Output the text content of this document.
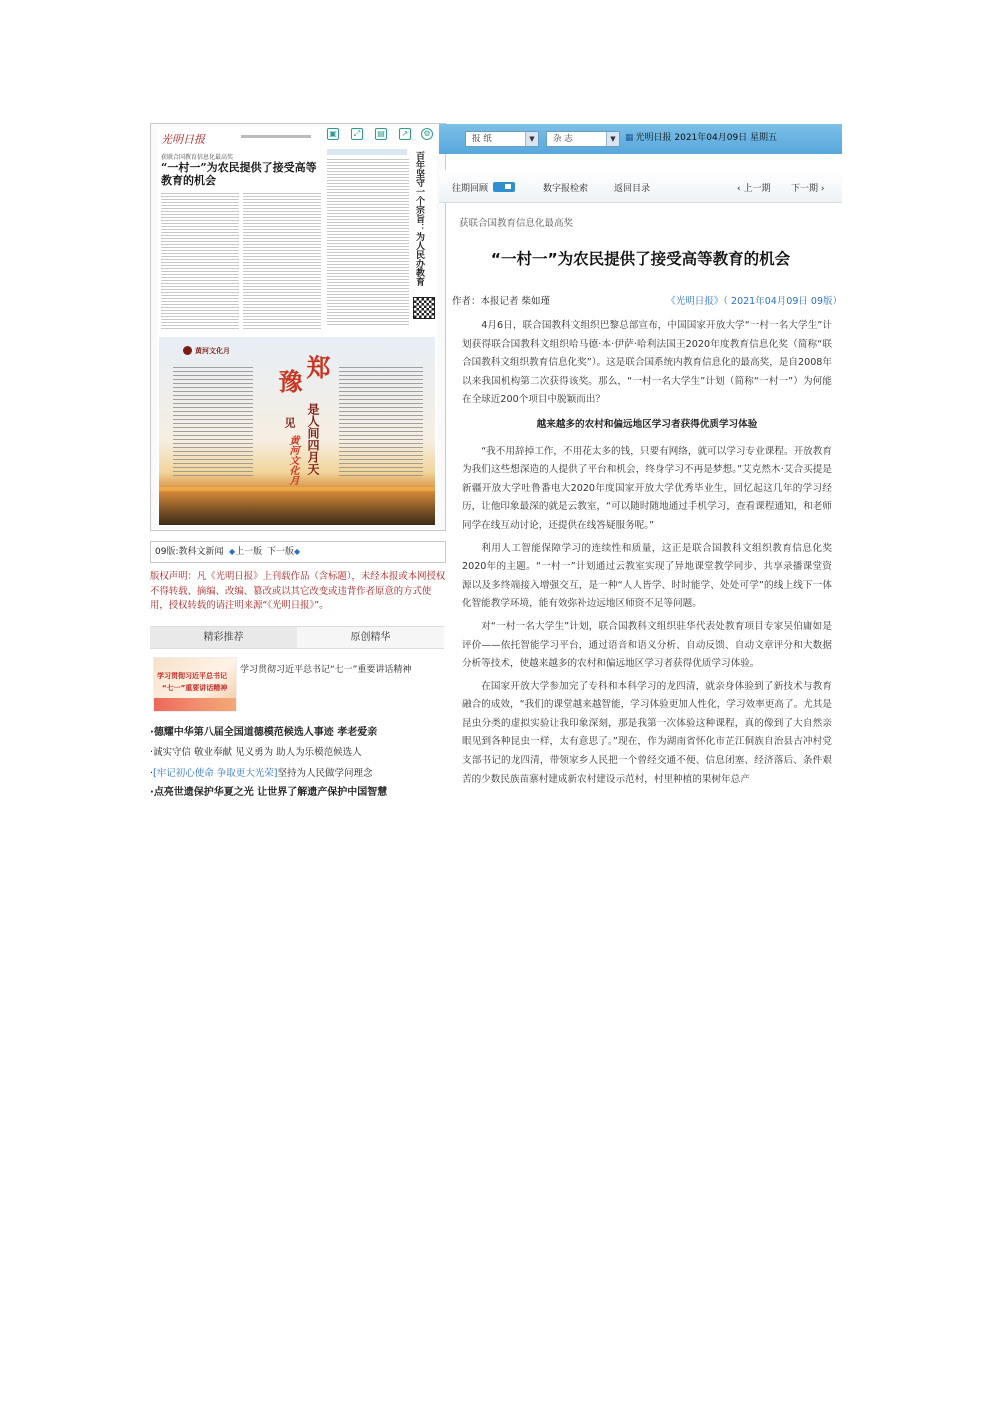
光明日报
获联合国教育信息化最高奖
“一村一”为农民提供了接受高等教育的机会	百年坚守一个宗旨：为人民办教育
黄河文化月
豫
郑
是人间四月天
见
黄河文化月
▣	⤢	▤	↗	⚙
09版:教科文新闻 ◆上一版 下一版◆
版权声明：凡《光明日报》上刊载作品（含标题），未经本报或本网授权不得转载、摘编、改编、篡改或以其它改变或违背作者原意的方式使用，授权转载的请注明来源“《光明日报》”。
精彩推荐	原创精华
学习贯彻习近平总书记
“七一”重要讲话精神
学习贯彻习近平总书记“七一”重要讲话精神
·德耀中华第八届全国道德模范候选人事迹 孝老爱亲
·诚实守信 敬业奉献 见义勇为 助人为乐模范候选人
·[牢记初心使命 争取更大光荣]坚持为人民做学问理念
·点亮世遗保护华夏之光 让世界了解遗产保护中国智慧
报 纸	▼	杂 志	▼	▦ 光明日报 2021年04月09日 星期五
往期回顾	数字报检索	返回目录	‹ 上一期 下一期 ›
获联合国教育信息化最高奖
“一村一”为农民提供了接受高等教育的机会
作者：本报记者 柴如瑾	《光明日报》（ 2021年04月09日 09版）

4月6日，联合国教科文组织巴黎总部宣布，中国国家开放大学“一村一名大学生”计划获得联合国教科文组织哈马德·本·伊萨·哈利法国王2020年度教育信息化奖（简称“联合国教科文组织教育信息化奖”）。这是联合国系统内教育信息化的最高奖，是自2008年以来我国机构第二次获得该奖。那么，“一村一名大学生”计划（简称“一村一”）为何能在全球近200个项目中脱颖而出？

越来越多的农村和偏远地区学习者获得优质学习体验

“我不用辞掉工作，不用花太多的钱，只要有网络，就可以学习专业课程。开放教育为我们这些想深造的人提供了平台和机会，终身学习不再是梦想。”艾克然木·艾合买提是新疆开放大学吐鲁番电大2020年度国家开放大学优秀毕业生，回忆起这几年的学习经历，让他印象最深的就是云教室，“可以随时随地通过手机学习，查看课程通知，和老师同学在线互动讨论，还提供在线答疑服务呢。”

利用人工智能保障学习的连续性和质量，这正是联合国教科文组织教育信息化奖2020年的主题。“一村一”计划通过云教室实现了异地课堂教学同步、共享录播课堂资源以及多终端接入增强交互，是一种“人人皆学、时时能学、处处可学”的线上线下一体化智能教学环境，能有效弥补边远地区师资不足等问题。

对“一村一名大学生”计划，联合国教科文组织驻华代表处教育项目专家吴伯庸如是评价——依托智能学习平台，通过语音和语义分析、自动反馈、自动文章评分和大数据分析等技术，使越来越多的农村和偏远地区学习者获得优质学习体验。

在国家开放大学参加完了专科和本科学习的龙四清，就亲身体验到了新技术与教育融合的成效，“我们的课堂越来越智能，学习体验更加人性化，学习效率更高了。尤其是昆虫分类的虚拟实验让我印象深刻，那是我第一次体验这种课程，真的像到了大自然亲眼见到各种昆虫一样，太有意思了。”现在，作为湖南省怀化市芷江侗族自治县古冲村党支部书记的龙四清，带领家乡人民把一个曾经交通不便、信息闭塞、经济落后、条件艰苦的少数民族苗寨村建成新农村建设示范村，村里种植的果树年总产
